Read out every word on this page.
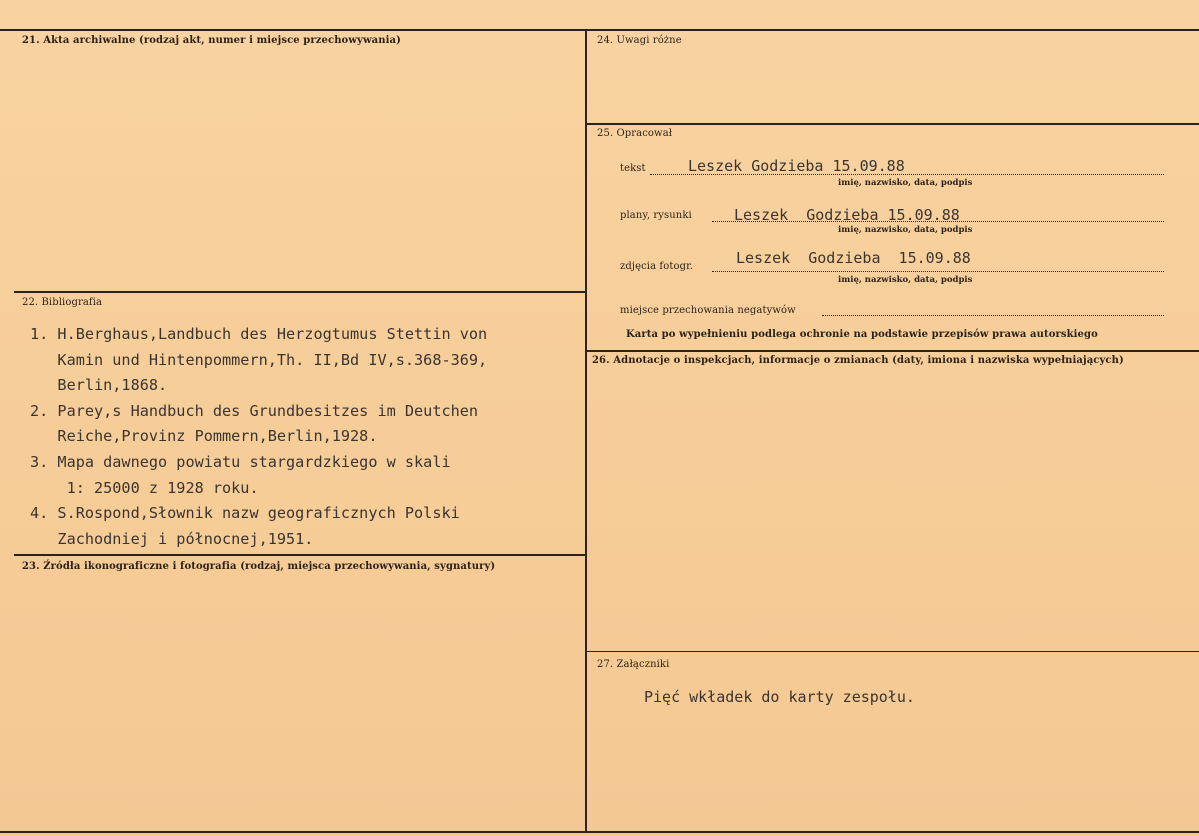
21. Akta archiwalne (rodzaj akt, numer i miejsce przechowywania)
22. Bibliografia
1. H.Berghaus,Landbuch des Herzogtumus Stettin von
Kamin und Hintenpommern,Th. II,Bd IV,s.368-369,
Berlin,1868.
2. Parey,s Handbuch des Grundbesitzes im Deutchen
Reiche,Provinz Pommern,Berlin,1928.
3. Mapa dawnego powiatu stargardzkiego w skali
1: 25000 z 1928 roku.
4. S.Rospond,Słownik nazw geograficznych Polski
Zachodniej i północnej,1951.
23. Źródła ikonograficzne i fotografia (rodzaj, miejsca przechowywania, sygnatury)
24. Uwagi różne
25. Opracował
tekst	Leszek Godzieba 15.09.88
imię, nazwisko, data, podpis
plany, rysunki	Leszek  Godzieba 15.09.88
imię, nazwisko, data, podpis
zdjęcia fotogr.	Leszek  Godzieba  15.09.88
imię, nazwisko, data, podpis
miejsce przechowania negatywów
Karta po wypełnieniu podlega ochronie na podstawie przepisów prawa autorskiego
26. Adnotacje o inspekcjach, informacje o zmianach (daty, imiona i nazwiska wypełniających)
27. Załączniki
Pięć wkładek do karty zespołu.
